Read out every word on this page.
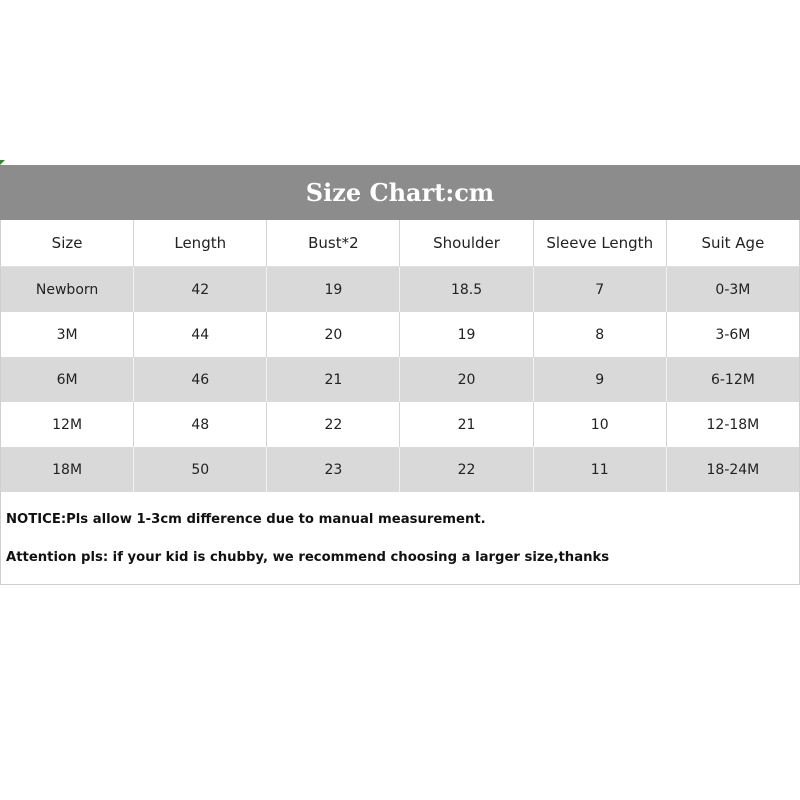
Size Chart:cm
Size	Length	Bust*2	Shoulder	Sleeve Length	Suit Age
Newborn	42	19	18.5	7	0-3M
3M	44	20	19	8	3-6M
6M	46	21	20	9	6-12M
12M	48	22	21	10	12-18M
18M	50	23	22	11	18-24M
NOTICE:Pls allow 1-3cm difference due to manual measurement.
Attention pls: if your kid is chubby, we recommend choosing a larger size,thanks
